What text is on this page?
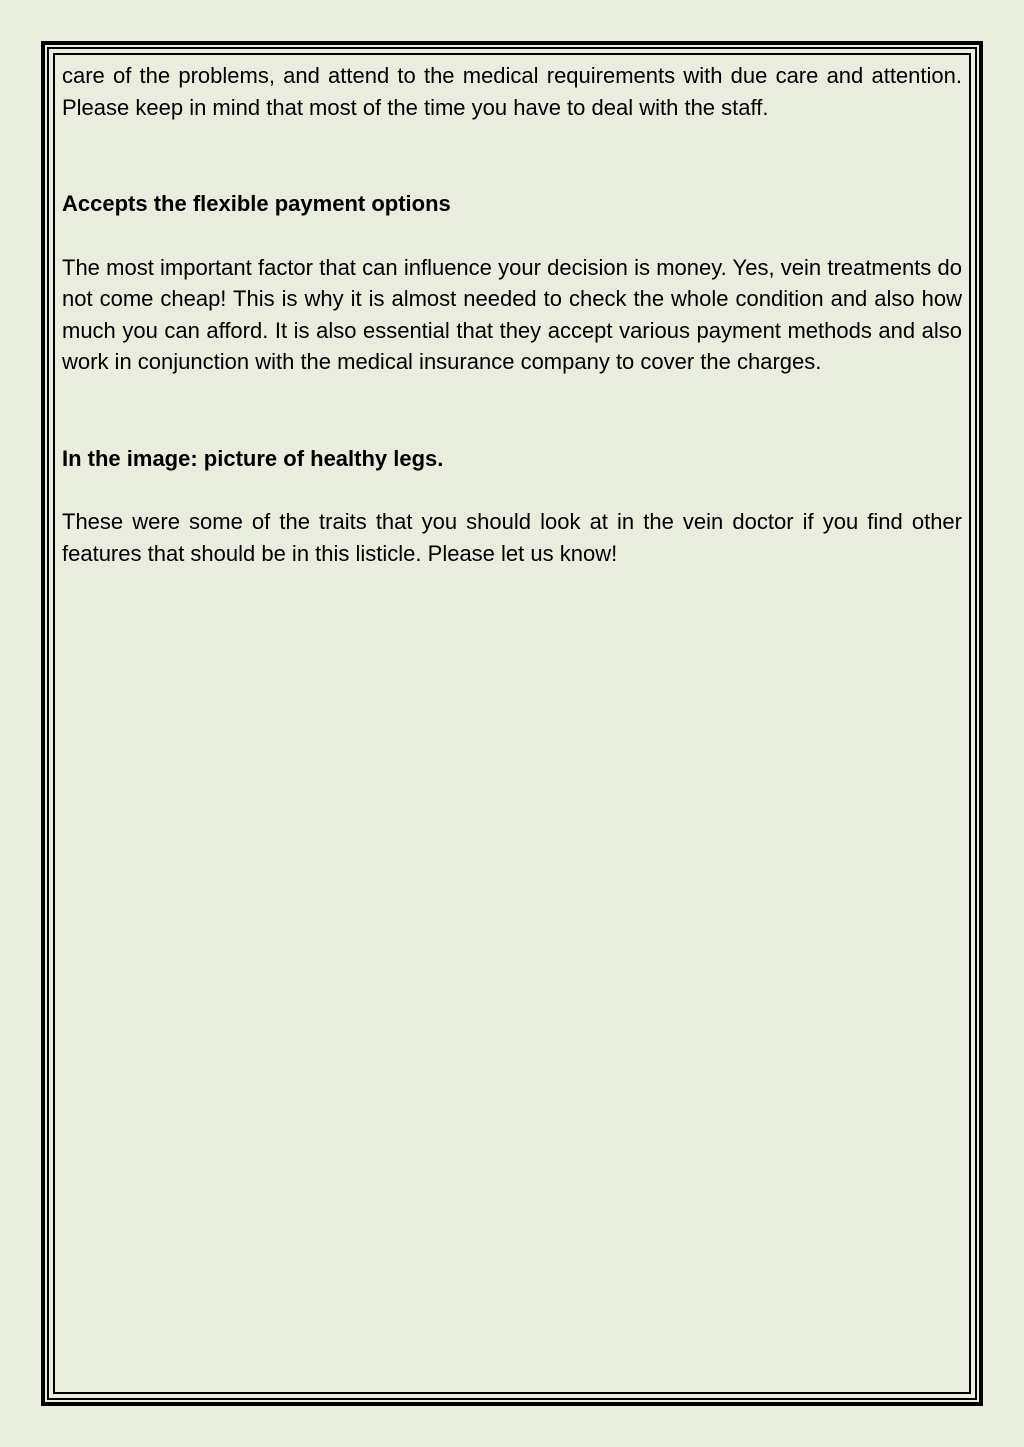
care of the problems, and attend to the medical requirements with due care and attention. Please keep in mind that most of the time you have to deal with the staff.

Accepts the flexible payment options

The most important factor that can influence your decision is money. Yes, vein treatments do not come cheap! This is why it is almost needed to check the whole condition and also how much you can afford. It is also essential that they accept various payment methods and also work in conjunction with the medical insurance company to cover the charges.

In the image: picture of healthy legs.

These were some of the traits that you should look at in the vein doctor if you find other features that should be in this listicle. Please let us know!
